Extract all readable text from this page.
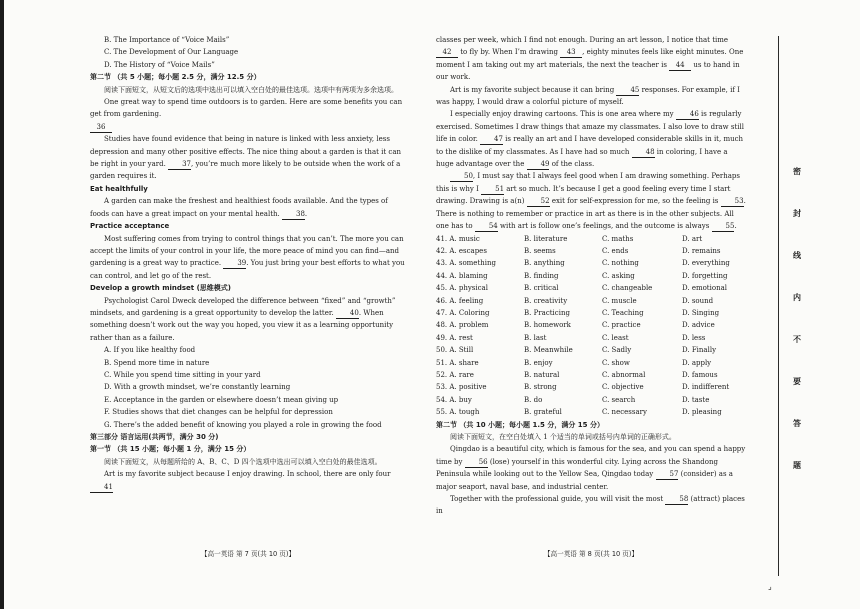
B. The Importance of “Voice Mails”

C. The Development of Our Language

D. The History of “Voice Mails”

第二节 （共 5 小题；每小题 2.5 分，满分 12.5 分）

阅读下面短文，从短文后的选项中选出可以填入空白处的最佳选项。选项中有两项为多余选项。

One great way to spend time outdoors is to garden. Here are some benefits you can get from gardening.

36

Studies have found evidence that being in nature is linked with less anxiety, less depression and many other positive effects. The nice thing about a garden is that it can be right in your yard. 37, you’re much more likely to be outside when the work of a garden requires it.

Eat healthfully

A garden can make the freshest and healthiest foods available. And the types of foods can have a great impact on your mental health. 38.

Practice acceptance

Most suffering comes from trying to control things that you can’t. The more you can accept the limits of your control in your life, the more peace of mind you can find—and gardening is a great way to practice. 39. You just bring your best efforts to what you can control, and let go of the rest.

Develop a growth mindset (思维模式)

Psychologist Carol Dweck developed the difference between “fixed” and “growth” mindsets, and gardening is a great opportunity to develop the latter. 40. When something doesn’t work out the way you hoped, you view it as a learning opportunity rather than as a failure.

A. If you like healthy food

B. Spend more time in nature

C. While you spend time sitting in your yard

D. With a growth mindset, we’re constantly learning

E. Acceptance in the garden or elsewhere doesn’t mean giving up

F. Studies shows that diet changes can be helpful for depression

G. There’s the added benefit of knowing you played a role in growing the food

第三部分 语言运用(共两节，满分 30 分)

第一节 （共 15 小题；每小题 1 分，满分 15 分）

阅读下面短文，从每题所给的 A、B、C、D 四个选项中选出可以填入空白处的最佳选项。

Art is my favorite subject because I enjoy drawing. In school, there are only four 41

classes per week, which I find not enough. During an art lesson, I notice that time 42 to fly by. When I’m drawing 43 , eighty minutes feels like eight minutes. One moment I am taking out my art materials, the next the teacher is 44 us to hand in our work.

Art is my favorite subject because it can bring 45 responses. For example, if I was happy, I would draw a colorful picture of myself.

I especially enjoy drawing cartoons. This is one area where my 46 is regularly exercised. Sometimes I draw things that amaze my classmates. I also love to draw still life in color. 47 is really an art and I have developed considerable skills in it, much to the dislike of my classmates. As I have had so much 48 in coloring, I have a huge advantage over the 49 of the class.

50, I must say that I always feel good when I am drawing something. Perhaps this is why I 51 art so much. It’s because I get a good feeling every time I start drawing. Drawing is a(n) 52 exit for self-expression for me, so the feeling is 53. There is nothing to remember or practice in art as there is in the other subjects. All one has to 54 with art is follow one’s feelings, and the outcome is always 55.

41. A. music	B. literature	C. maths	D. art
42. A. escapes	B. seems	C. ends	D. remains
43. A. something	B. anything	C. nothing	D. everything
44. A. blaming	B. finding	C. asking	D. forgetting
45. A. physical	B. critical	C. changeable	D. emotional
46. A. feeling	B. creativity	C. muscle	D. sound
47. A. Coloring	B. Practicing	C. Teaching	D. Singing
48. A. problem	B. homework	C. practice	D. advice
49. A. rest	B. last	C. least	D. less
50. A. Still	B. Meanwhile	C. Sadly	D. Finally
51. A. share	B. enjoy	C. show	D. apply
52. A. rare	B. natural	C. abnormal	D. famous
53. A. positive	B. strong	C. objective	D. indifferent
54. A. buy	B. do	C. search	D. taste
55. A. tough	B. grateful	C. necessary	D. pleasing

第二节 （共 10 小题；每小题 1.5 分，满分 15 分）

阅读下面短文，在空白处填入 1 个适当的单词或括号内单词的正确形式。

Qingdao is a beautiful city, which is famous for the sea, and you can spend a happy time by 56 (lose) yourself in this wonderful city. Lying across the Shandong Peninsula while looking out to the Yellow Sea, Qingdao today 57 (consider) as a major seaport, naval base, and industrial center.

Together with the professional guide, you will visit the most 58 (attract) places in

【高一英语 第 7 页(共 10 页)】	【高一英语 第 8 页(共 10 页)】
密
封
线
内
不
要
答
题
⌟
